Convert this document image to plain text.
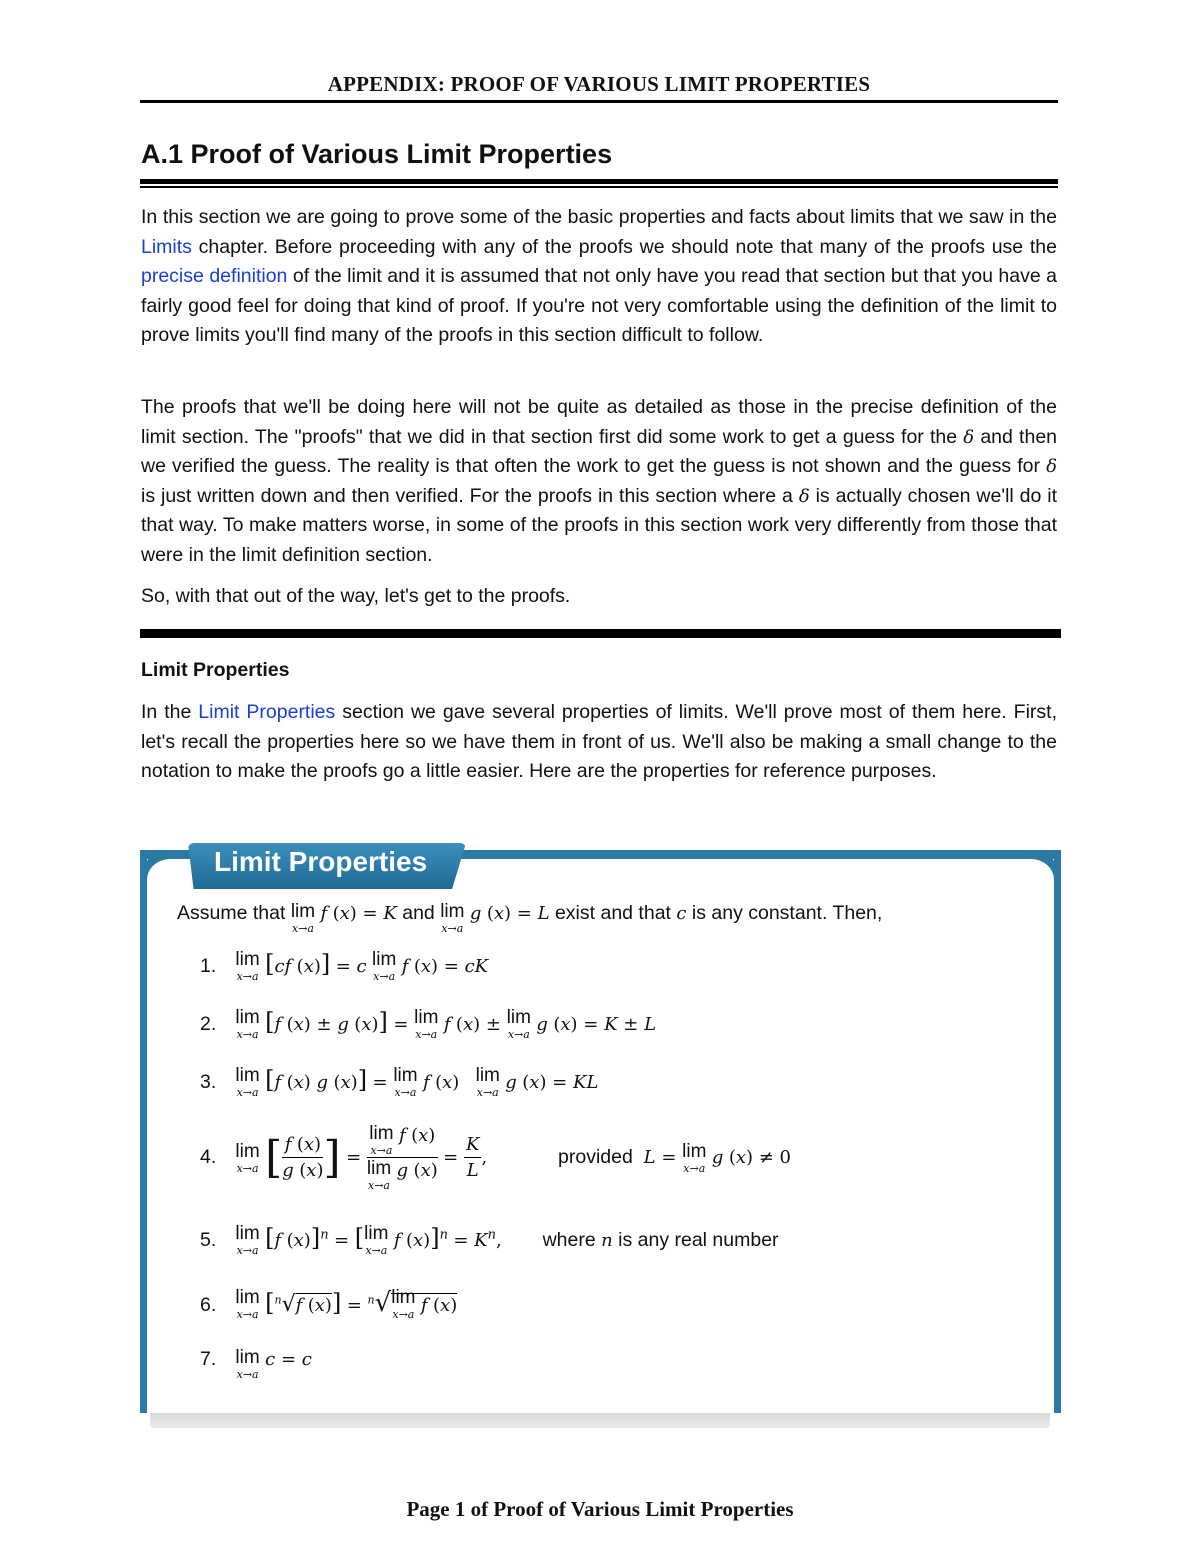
APPENDIX: PROOF OF VARIOUS LIMIT PROPERTIES
A.1 Proof of Various Limit Properties

In this section we are going to prove some of the basic properties and facts about limits that we saw in the Limits chapter. Before proceeding with any of the proofs we should note that many of the proofs use the precise definition of the limit and it is assumed that not only have you read that section but that you have a fairly good feel for doing that kind of proof. If you're not very comfortable using the definition of the limit to prove limits you'll find many of the proofs in this section difficult to follow.

The proofs that we'll be doing here will not be quite as detailed as those in the precise definition of the limit section. The "proofs" that we did in that section first did some work to get a guess for the δ and then we verified the guess. The reality is that often the work to get the guess is not shown and the guess for δ is just written down and then verified. For the proofs in this section where a δ is actually chosen we'll do it that way. To make matters worse, in some of the proofs in this section work very differently from those that were in the limit definition section.

So, with that out of the way, let's get to the proofs.

Limit Properties

In the Limit Properties section we gave several properties of limits. We'll prove most of them here. First, let's recall the properties here so we have them in front of us. We'll also be making a small change to the notation to make the proofs go a little easier. Here are the properties for reference purposes.

Limit Properties
Assume that lim
x→a
f (x) = K and lim
x→a
g (x) = L exist and that c is any constant. Then,
1. lim
x→a [cf (x)] = c lim
x→a f (x) = cK
2. lim
x→a [f (x) ± g (x)] = lim
x→a f (x) ± lim
x→a g (x) = K ± L
3. lim
x→a [f (x) g (x)] = lim
x→a f (x) lim
x→a g (x) = KL
4. lim
x→a [ $\frac{f (x)}{g (x)}$ ] = lim
x→a
f (x)
lim
x→a
g $(x) = \frac{K}{L}$ ,	provided L = lim
x→a g (x) ≠ 0
5. lim
x→a [f (x)]$^n$ = [ lim
x→a f $(x)]^n = K^n$, where n is any real number
6. lim
x→a [$^n$√f (x)] = $^n$√ lim
x→a f (x)
7. lim
x→a
c = c
Page 1 of Proof of Various Limit Properties
